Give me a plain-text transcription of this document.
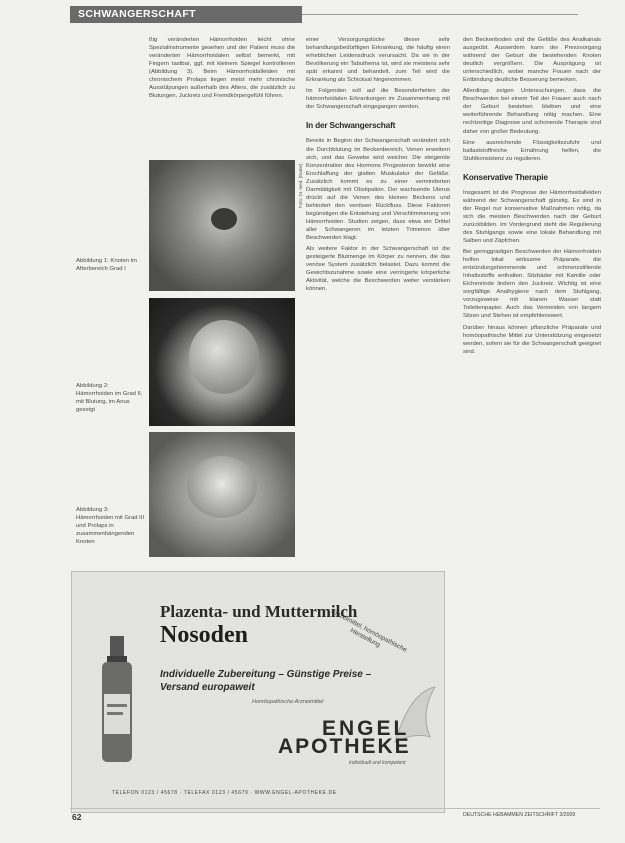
SCHWANGERSCHAFT
Foto: Dr. med. [Name]
Abbildung 1: Knoten im Afterbereich Grad I
Abbildung 2: Hämorrhoiden im Grad II, mit Blutung, im Anus gezeigt
Abbildung 3: Hämorrhoiden mit Grad III und Prolaps in zusammenhängenden Knoten

ßig veränderten Hämorrhoiden leicht ohne Spezialinstrumente gesehen und der Patient muss die veränderten Hämorrhoidalen selbst bemerkt, mit Fingern tastbar, ggf. mit kleinem Spiegel kontrollieren (Abbildung 3). Beim Hämorrhoidalleiden mit chronischem Prolaps liegen meist mehr chronische Ausstülpungen außerhalb des Afters, die zusätzlich zu Blutungen, Juckreiz und Fremdkörpergefühl führen.

einer Versorgungslücke dieser sehr behandlungsbedürftigen Erkrankung, die häufig einen erheblichen Leidensdruck verursacht. Da sie in der Bevölkerung ein Tabuthema ist, wird sie meistens sehr spät erkannt und behandelt, zum Teil wird die Erkrankung als Schicksal hingenommen.

Im Folgenden soll auf die Besonderheiten der hämorrhoidalen Erkrankungen im Zusammenhang mit der Schwangerschaft eingegangen werden.

In der Schwangerschaft

Bereits in Beginn der Schwangerschaft verändert sich die Durchblutung im Beckenbereich, Venen erweitern sich, und das Gewebe wird weicher. Die steigende Konzentration des Hormons Progesteron bewirkt eine Erschlaffung der glatten Muskulatur der Gefäße. Zusätzlich kommt es zu einer verminderten Darmtätigkeit mit Obstipation. Der wachsende Uterus drückt auf die Venen des kleinen Beckens und behindert den venösen Rückfluss. Diese Faktoren begünstigen die Entstehung und Verschlimmerung von Hämorrhoiden. Studien zeigen, dass etwa ein Drittel aller Schwangeren im letzten Trimenon über Beschwerden klagt.

Als weitere Faktor in der Schwangerschaft ist die gesteigerte Blutmenge im Körper zu nennen, die das venöse System zusätzlich belastet. Dazu kommt die Gewichtszunahme sowie eine verringerte körperliche Aktivität, welche die Beschwerden weiter verstärken können.

den Beckenboden und die Gefäße des Analkanals ausgeübt. Ausserdem kann der Pressvorgang während der Geburt die bestehenden Knoten deutlich vergrößern. Die Ausprägung ist unterschiedlich, wobei manche Frauen nach der Entbindung deutliche Besserung bemerken.

Allerdings zeigen Untersuchungen, dass die Beschwerden bei einem Teil der Frauen auch nach der Geburt bestehen bleiben und eine weiterführende Behandlung nötig machen. Eine rechtzeitige Diagnose und schonende Therapie sind daher von großer Bedeutung.

Eine ausreichende Flüssigkeitszufuhr und ballaststoffreiche Ernährung helfen, die Stuhlkonsistenz zu regulieren.

Konservative Therapie

Insgesamt ist die Prognose der Hämorrhoidalleiden während der Schwangerschaft günstig. Es sind in der Regel nur konservative Maßnahmen nötig, da sich die meisten Beschwerden nach der Geburt zurückbilden. Im Vordergrund steht die Regulierung des Stuhlgangs sowie eine lokale Behandlung mit Salben und Zäpfchen.

Bei geringgradigen Beschwerden der Hämorrhoiden helfen lokal wirksame Präparate, die entzündungshemmende und schmerzstillende Inhaltsstoffe enthalten. Sitzbäder mit Kamille oder Eichenrinde lindern den Juckreiz. Wichtig ist eine sorgfältige Analhygiene nach dem Stuhlgang, vorzugsweise mit klarem Wasser statt Toilettenpapier. Auch das Vermeiden von langem Sitzen und Stehen ist empfehlenswert.

Darüber hinaus können pflanzliche Präparate und homöopathische Mittel zur Unterstützung eingesetzt werden, sofern sie für die Schwangerschaft geeignet sind.

Einzelmittel, homöopathische Herstellung
Plazenta- und Muttermilch
Nosoden
Individuelle Zubereitung – Günstige Preise –
Versand europaweit
Homöopathische Arzneimittel
ENGEL
APOTHEKE
individuell und kompetent
TELEFON 0123 / 45678 · TELEFAX 0123 / 45679 · WWW.ENGEL-APOTHEKE.DE
62	DEUTSCHE HEBAMMEN ZEITSCHRIFT 3/2009
